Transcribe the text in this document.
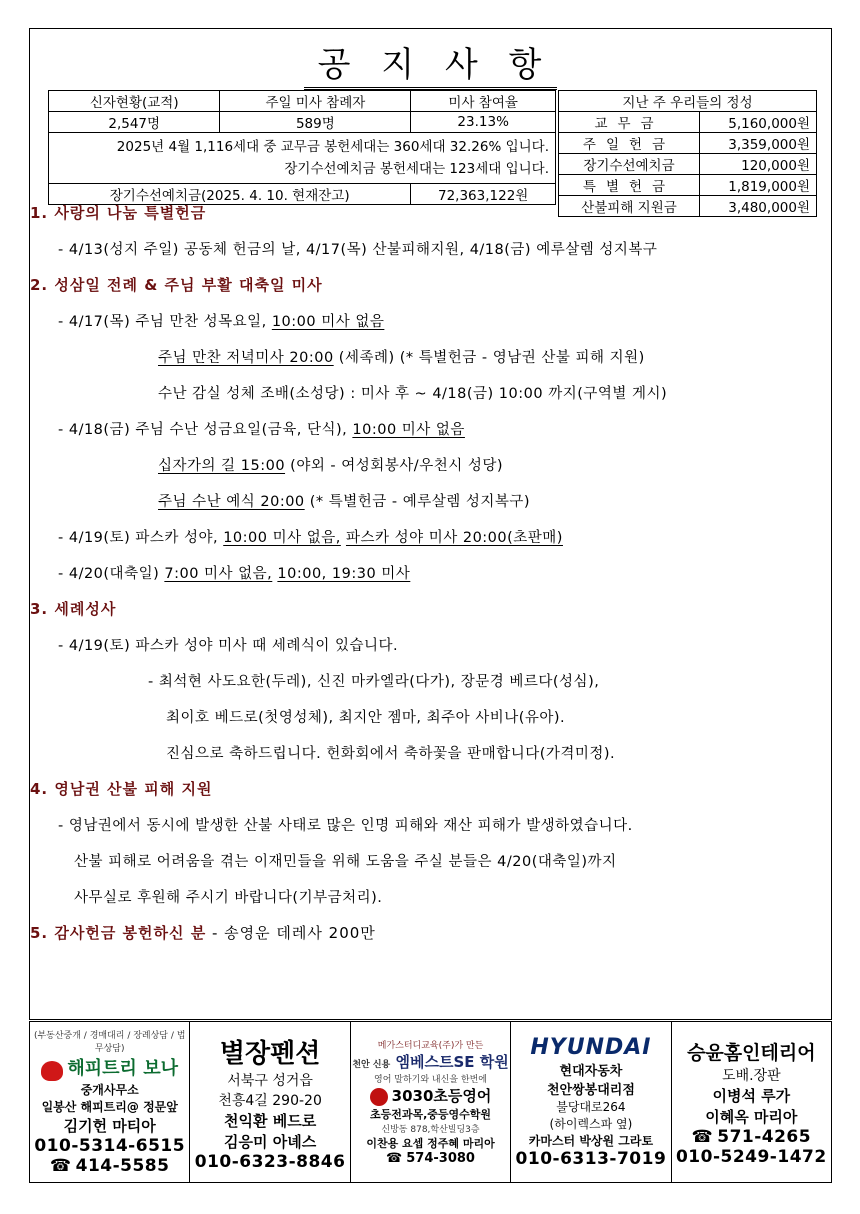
공 지 사 항
신자현황(교적)	주일 미사 참례자	미사 참여율
2,547명	589명	23.13%

2025년 4월 1,116세대 중 교무금 봉헌세대는 360세대 32.26% 입니다.
장기수선예치금 봉헌세대는 123세대 입니다.		

장기수선예치금(2025. 4. 10. 현재잔고)		72,363,122원
지난 주 우리들의 정성	
교무금	5,160,000원
주일헌금	3,359,000원
장기수선예치금	120,000원
특별헌금	1,819,000원
산불피해 지원금	3,480,000원
1. 사랑의 나눔 특별헌금
- 4/13(성지 주일) 공동체 헌금의 날, 4/17(목) 산불피해지원, 4/18(금) 예루살렘 성지복구
2. 성삼일 전례 & 주님 부활 대축일 미사
- 4/17(목) 주님 만찬 성목요일, 10:00 미사 없음
주님 만찬 저녁미사 20:00 (세족례) (* 특별헌금 - 영남권 산불 피해 지원)
수난 감실 성체 조배(소성당) : 미사 후 ~ 4/18(금) 10:00 까지(구역별 게시)
- 4/18(금) 주님 수난 성금요일(금육, 단식), 10:00 미사 없음
십자가의 길 15:00 (야외 - 여성회봉사/우천시 성당)
주님 수난 예식 20:00 (* 특별헌금 - 예루살렘 성지복구)
- 4/19(토) 파스카 성야, 10:00 미사 없음, 파스카 성야 미사 20:00(초판매)
- 4/20(대축일) 7:00 미사 없음, 10:00, 19:30 미사
3. 세례성사
- 4/19(토) 파스카 성야 미사 때 세례식이 있습니다.
- 최석현 사도요한(두레), 신진 마카엘라(다가), 장문경 베르다(성심),
최이호 베드로(첫영성체), 최지안 젬마, 최주아 사비나(유아).
진심으로 축하드립니다. 헌화회에서 축하꽃을 판매합니다(가격미정).
4. 영남권 산불 피해 지원
- 영남권에서 동시에 발생한 산불 사태로 많은 인명 피해와 재산 피해가 발생하였습니다.
산불 피해로 어려움을 겪는 이재민들을 위해 도움을 주실 분들은 4/20(대축일)까지
사무실로 후원해 주시기 바랍니다(기부금처리).
5. 감사헌금 봉헌하신 분 - 송영운 데레사 200만
(부동산중개 / 경매대리 / 장례상담 / 법무상담)
해피트리 보나
중개사무소
일봉산 해피트리@ 정문앞
김기헌 마티아
010-5314-6515
☎ 414-5585
별장펜션
서북구 성거읍
천흥4길 290-20
천익환 베드로
김응미 아녜스
010-6323-8846
메가스터디교육(주)가 만든
천안 신용 엠베스트SE 학원
영어 말하기와 내신을 한번에
3030초등영어
초등전과목,중등영수학원
신방동 878,학산빌딩3층
이찬용 요셉 정주혜 마리아
☎ 574-3080
HYUNDAI
현대자동차
천안쌍봉대리점
불당대로264
(하이렉스파 옆)
카마스터 박상원 그라토
010-6313-7019
승윤홈인테리어
도배.장판
이병석 루가
이혜옥 마리아
☎ 571-4265
010-5249-1472
